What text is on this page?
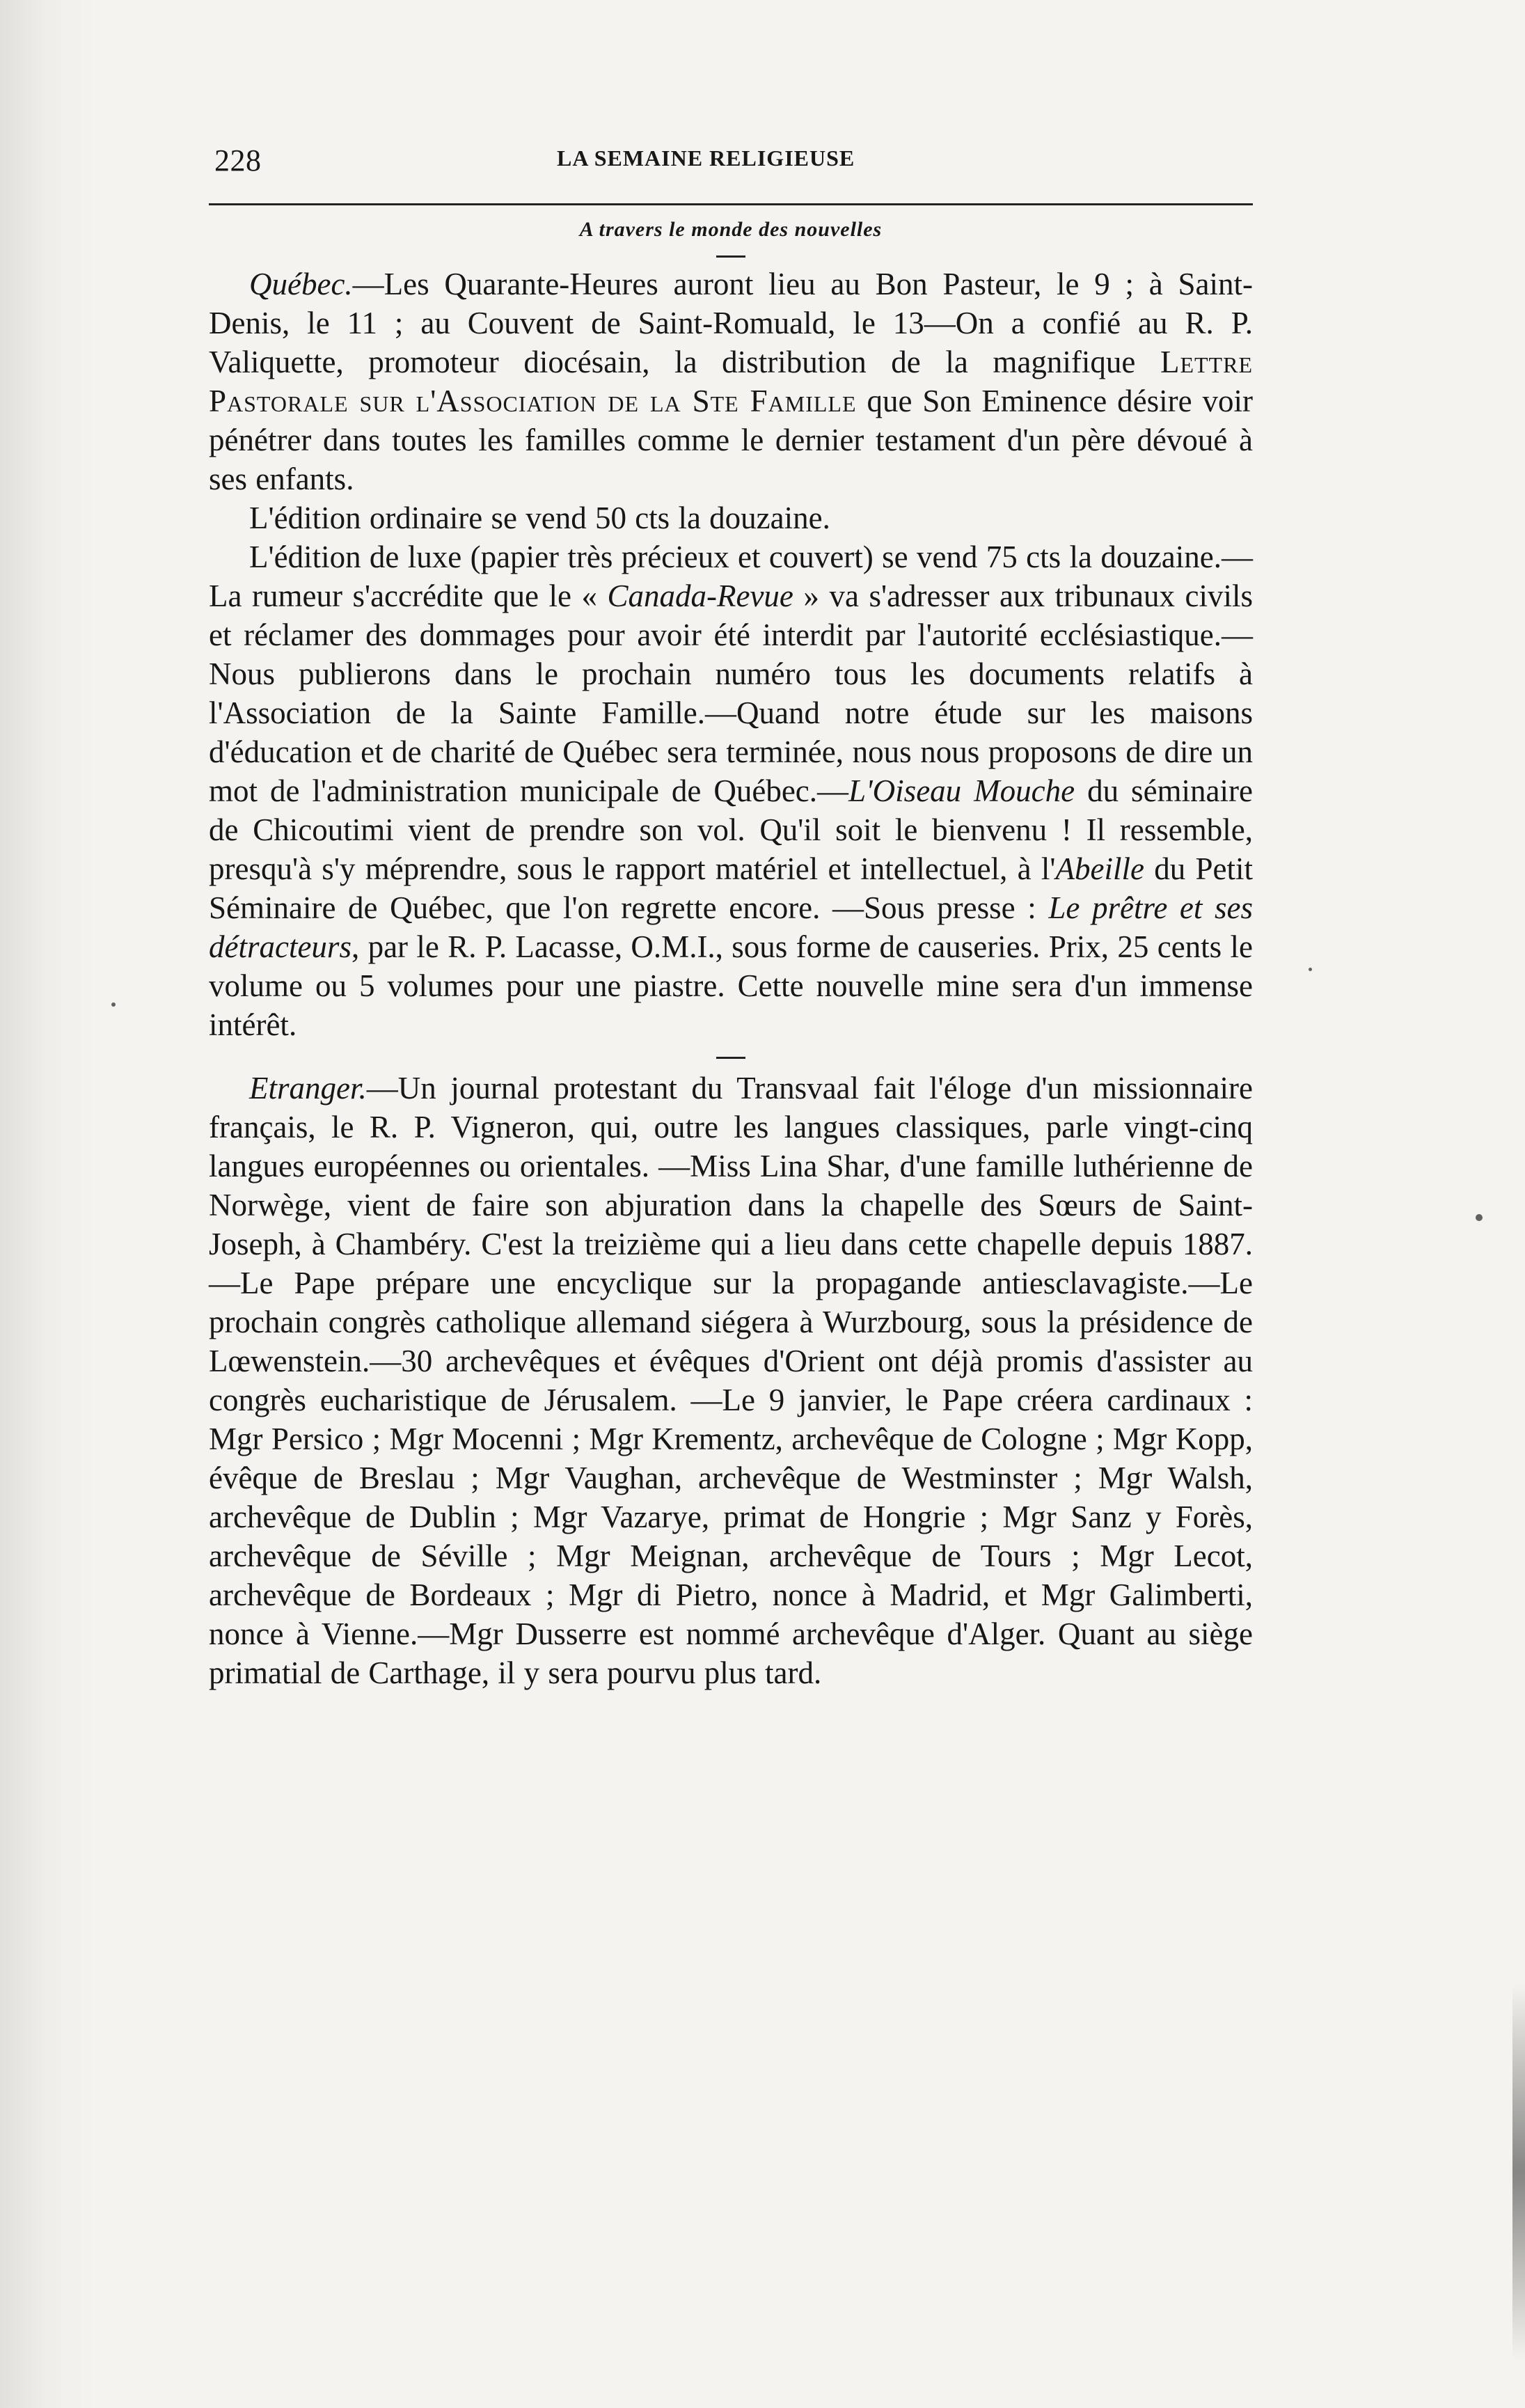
228	LA SEMAINE RELIGIEUSE
A travers le monde des nouvelles

Québec.—Les Quarante-Heures auront lieu au Bon Pasteur, le 9 ; à Saint-Denis, le 11 ; au Couvent de Saint-Romuald, le 13—On a confié au R. P. Valiquette, promoteur diocésain, la distribution de la magnifique Lettre Pastorale sur l'Association de la Ste Famille que Son Eminence désire voir pénétrer dans toutes les familles comme le dernier testament d'un père dévoué à ses enfants.

L'édition ordinaire se vend 50 cts la douzaine.

L'édition de luxe (papier très précieux et couvert) se vend 75 cts la douzaine.—La rumeur s'accrédite que le « Canada-Revue » va s'adresser aux tribunaux civils et réclamer des dommages pour avoir été interdit par l'autorité ecclésiastique.—Nous publierons dans le prochain numéro tous les documents relatifs à l'Association de la Sainte Famille.—Quand notre étude sur les maisons d'éducation et de charité de Québec sera terminée, nous nous proposons de dire un mot de l'administration municipale de Québec.—L'Oiseau Mouche du séminaire de Chicoutimi vient de prendre son vol. Qu'il soit le bienvenu ! Il ressemble, presqu'à s'y méprendre, sous le rapport matériel et intellectuel, à l'Abeille du Petit Séminaire de Québec, que l'on regrette encore. —Sous presse : Le prêtre et ses détracteurs, par le R. P. Lacasse, O.M.I., sous forme de causeries. Prix, 25 cents le volume ou 5 volumes pour une piastre. Cette nouvelle mine sera d'un immense intérêt.

Etranger.—Un journal protestant du Transvaal fait l'éloge d'un missionnaire français, le R. P. Vigneron, qui, outre les langues classiques, parle vingt-cinq langues européennes ou orientales. —Miss Lina Shar, d'une famille luthérienne de Norwège, vient de faire son abjuration dans la chapelle des Sœurs de Saint-Joseph, à Chambéry. C'est la treizième qui a lieu dans cette chapelle depuis 1887.—Le Pape prépare une encyclique sur la propagande antiesclavagiste.—Le prochain congrès catholique allemand siégera à Wurzbourg, sous la présidence de Lœwenstein.—30 archevêques et évêques d'Orient ont déjà promis d'assister au congrès eucharistique de Jérusalem. —Le 9 janvier, le Pape créera cardinaux : Mgr Persico ; Mgr Mocenni ; Mgr Krementz, archevêque de Cologne ; Mgr Kopp, évêque de Breslau ; Mgr Vaughan, archevêque de Westminster ; Mgr Walsh, archevêque de Dublin ; Mgr Vazarye, primat de Hongrie ; Mgr Sanz y Forès, archevêque de Séville ; Mgr Meignan, archevêque de Tours ; Mgr Lecot, archevêque de Bordeaux ; Mgr di Pietro, nonce à Madrid, et Mgr Galimberti, nonce à Vienne.—Mgr Dusserre est nommé archevêque d'Alger. Quant au siège primatial de Carthage, il y sera pourvu plus tard.
